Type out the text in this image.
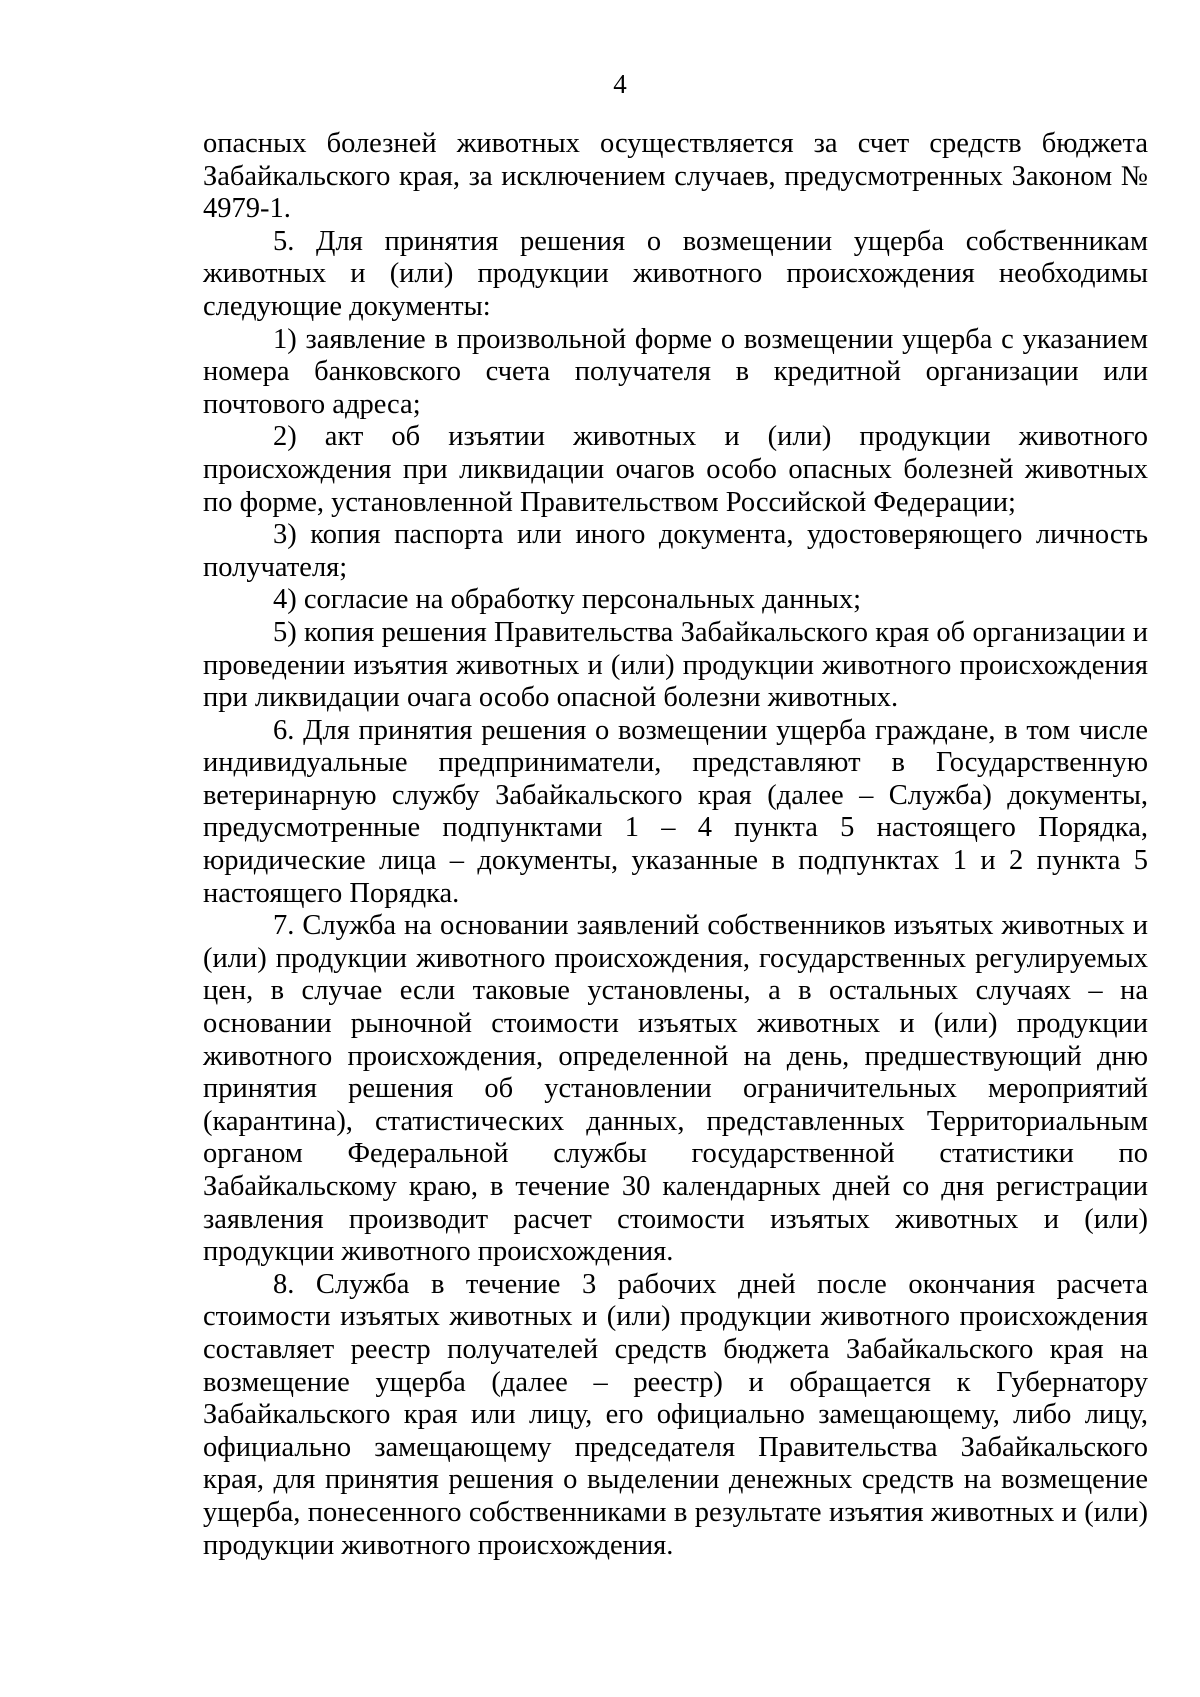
4

опасных болезней животных осуществляется за счет средств бюджета Забайкальского края, за исключением случаев, предусмотренных Законом № 4979-1.

5. Для принятия решения о возмещении ущерба собственникам животных и (или) продукции животного происхождения необходимы следующие документы:

1) заявление в произвольной форме о возмещении ущерба с указанием номера банковского счета получателя в кредитной организации или почтового адреса;

2) акт об изъятии животных и (или) продукции животного происхождения при ликвидации очагов особо опасных болезней животных по форме, установленной Правительством Российской Федерации;

3) копия паспорта или иного документа, удостоверяющего личность получателя;

4) согласие на обработку персональных данных;

5) копия решения Правительства Забайкальского края об организации и проведении изъятия животных и (или) продукции животного происхождения при ликвидации очага особо опасной болезни животных.

6. Для принятия решения о возмещении ущерба граждане, в том числе индивидуальные предприниматели, представляют в Государственную ветеринарную службу Забайкальского края (далее – Служба) документы, предусмотренные подпунктами 1 – 4 пункта 5 настоящего Порядка, юридические лица – документы, указанные в подпунктах 1 и 2 пункта 5 настоящего Порядка.

7. Служба на основании заявлений собственников изъятых животных и (или) продукции животного происхождения, государственных регулируемых цен, в случае если таковые установлены, а в остальных случаях – на основании рыночной стоимости изъятых животных и (или) продукции животного происхождения, определенной на день, предшествующий дню принятия решения об установлении ограничительных мероприятий (карантина), статистических данных, представленных Территориальным органом Федеральной службы государственной статистики по Забайкальскому краю, в течение 30 календарных дней со дня регистрации заявления производит расчет стоимости изъятых животных и (или) продукции животного происхождения.

8. Служба в течение 3 рабочих дней после окончания расчета стоимости изъятых животных и (или) продукции животного происхождения составляет реестр получателей средств бюджета Забайкальского края на возмещение ущерба (далее – реестр) и обращается к Губернатору Забайкальского края или лицу, его официально замещающему, либо лицу, официально замещающему председателя Правительства Забайкальского края, для принятия решения о выделении денежных средств на возмещение ущерба, понесенного собственниками в результате изъятия животных и (или) продукции животного происхождения.
